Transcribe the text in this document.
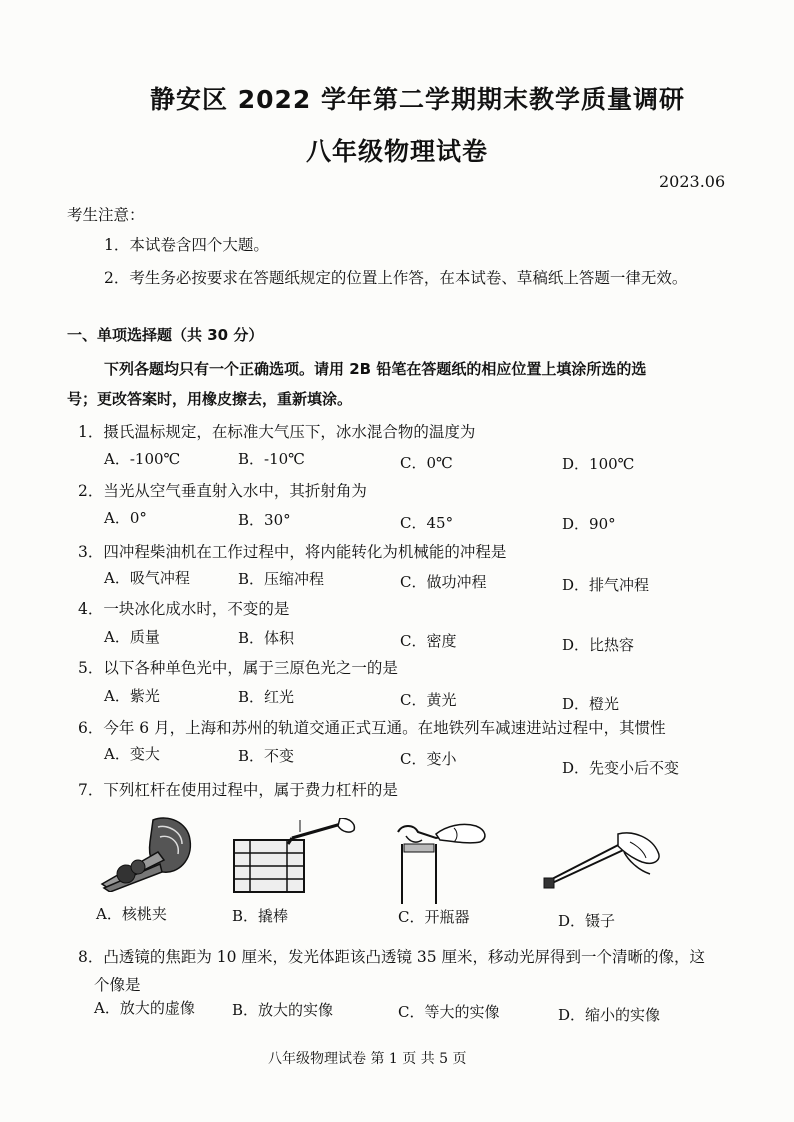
静安区 2022 学年第二学期期末教学质量调研
八年级物理试卷
2023.06
考生注意：
1．本试卷含四个大题。
2．考生务必按要求在答题纸规定的位置上作答，在本试卷、草稿纸上答题一律无效。
一、单项选择题（共 30 分）
下列各题均只有一个正确选项。请用 2B 铅笔在答题纸的相应位置上填涂所选的选
号；更改答案时，用橡皮擦去，重新填涂。
1．摄氏温标规定，在标准大气压下，冰水混合物的温度为
A．-100℃	B．-10℃	C．0℃	D．100℃
2．当光从空气垂直射入水中，其折射角为
A．0°	B．30°	C．45°	D．90°
3．四冲程柴油机在工作过程中，将内能转化为机械能的冲程是
A．吸气冲程	B．压缩冲程	C．做功冲程	D．排气冲程
4．一块冰化成水时，不变的是
A．质量	B．体积	C．密度	D．比热容
5．以下各种单色光中，属于三原色光之一的是
A．紫光	B．红光	C．黄光	D．橙光
6．今年 6 月，上海和苏州的轨道交通正式互通。在地铁列车减速进站过程中，其惯性
A．变大	B．不变	C．变小	D．先变小后不变
7．下列杠杆在使用过程中，属于费力杠杆的是
A．核桃夹	B．撬棒	C．开瓶器	D．镊子
8．凸透镜的焦距为 10 厘米，发光体距该凸透镜 35 厘米，移动光屏得到一个清晰的像，这
个像是
A．放大的虚像 B．放大的实像	C．等大的实像	D．缩小的实像
八年级物理试卷 第 1 页 共 5 页
